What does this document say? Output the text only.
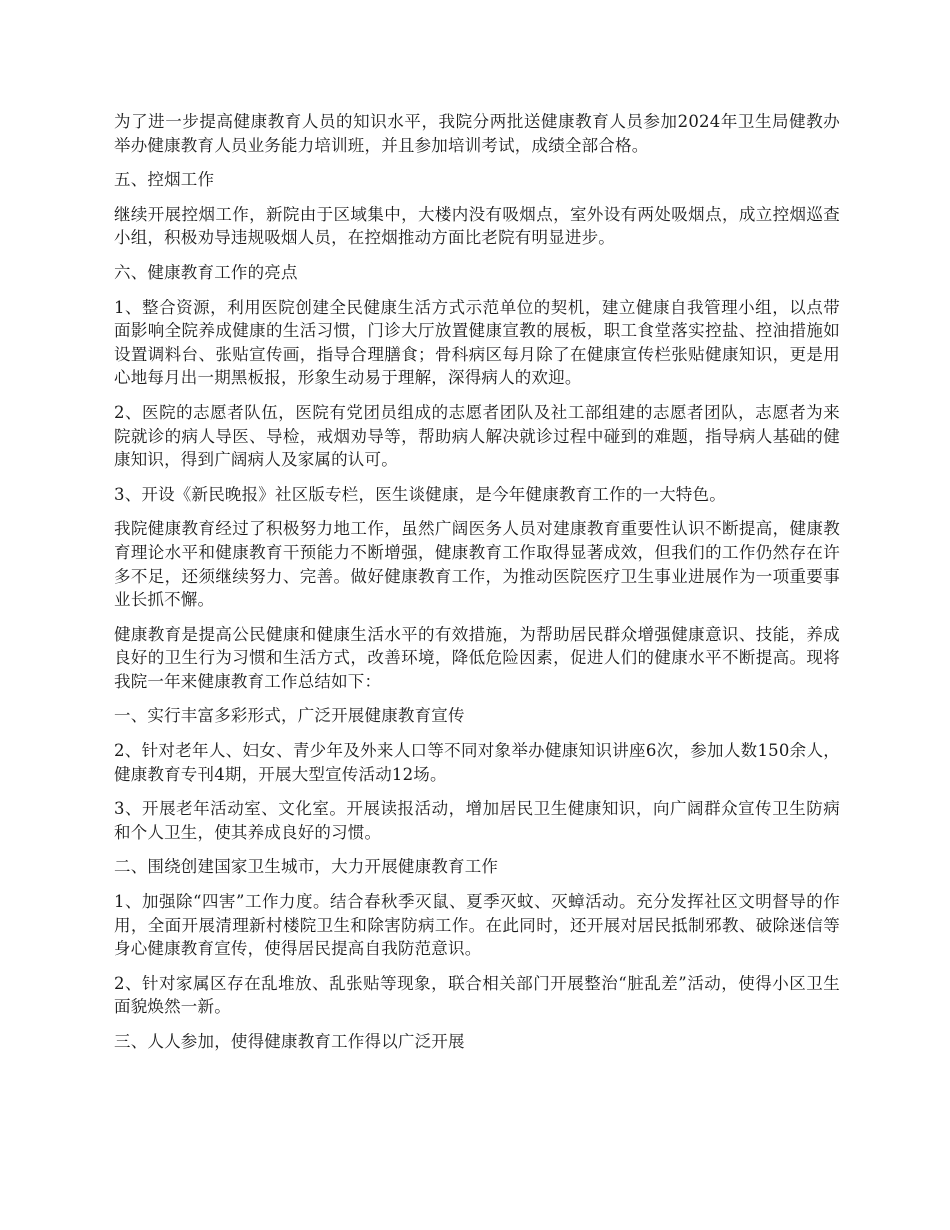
为了进一步提高健康教育人员的知识水平，我院分两批送健康教育人员参加2024年卫生局健教办举办健康教育人员业务能力培训班，并且参加培训考试，成绩全部合格。

五、控烟工作

继续开展控烟工作，新院由于区域集中，大楼内没有吸烟点，室外设有两处吸烟点，成立控烟巡查小组，积极劝导违规吸烟人员，在控烟推动方面比老院有明显进步。

六、健康教育工作的亮点

1、整合资源，利用医院创建全民健康生活方式示范单位的契机，建立健康自我管理小组，以点带面影响全院养成健康的生活习惯，门诊大厅放置健康宣教的展板，职工食堂落实控盐、控油措施如设置调料台、张贴宣传画，指导合理膳食；骨科病区每月除了在健康宣传栏张贴健康知识，更是用心地每月出一期黑板报，形象生动易于理解，深得病人的欢迎。

2、医院的志愿者队伍，医院有党团员组成的志愿者团队及社工部组建的志愿者团队，志愿者为来院就诊的病人导医、导检，戒烟劝导等，帮助病人解决就诊过程中碰到的难题，指导病人基础的健康知识，得到广阔病人及家属的认可。

3、开设《新民晚报》社区版专栏，医生谈健康，是今年健康教育工作的一大特色。

我院健康教育经过了积极努力地工作，虽然广阔医务人员对建康教育重要性认识不断提高，健康教育理论水平和健康教育干预能力不断增强，健康教育工作取得显著成效，但我们的工作仍然存在许多不足，还须继续努力、完善。做好健康教育工作，为推动医院医疗卫生事业进展作为一项重要事业长抓不懈。

健康教育是提高公民健康和健康生活水平的有效措施，为帮助居民群众增强健康意识、技能，养成良好的卫生行为习惯和生活方式，改善环境，降低危险因素，促进人们的健康水平不断提高。现将我院一年来健康教育工作总结如下：

一、实行丰富多彩形式，广泛开展健康教育宣传

2、针对老年人、妇女、青少年及外来人口等不同对象举办健康知识讲座6次，参加人数150余人，健康教育专刊4期，开展大型宣传活动12场。

3、开展老年活动室、文化室。开展读报活动，增加居民卫生健康知识，向广阔群众宣传卫生防病和个人卫生，使其养成良好的习惯。

二、围绕创建国家卫生城市，大力开展健康教育工作

1、加强除“四害”工作力度。结合春秋季灭鼠、夏季灭蚊、灭蟑活动。充分发挥社区文明督导的作用，全面开展清理新村楼院卫生和除害防病工作。在此同时，还开展对居民抵制邪教、破除迷信等身心健康教育宣传，使得居民提高自我防范意识。

2、针对家属区存在乱堆放、乱张贴等现象，联合相关部门开展整治“脏乱差”活动，使得小区卫生面貌焕然一新。

三、人人参加，使得健康教育工作得以广泛开展
